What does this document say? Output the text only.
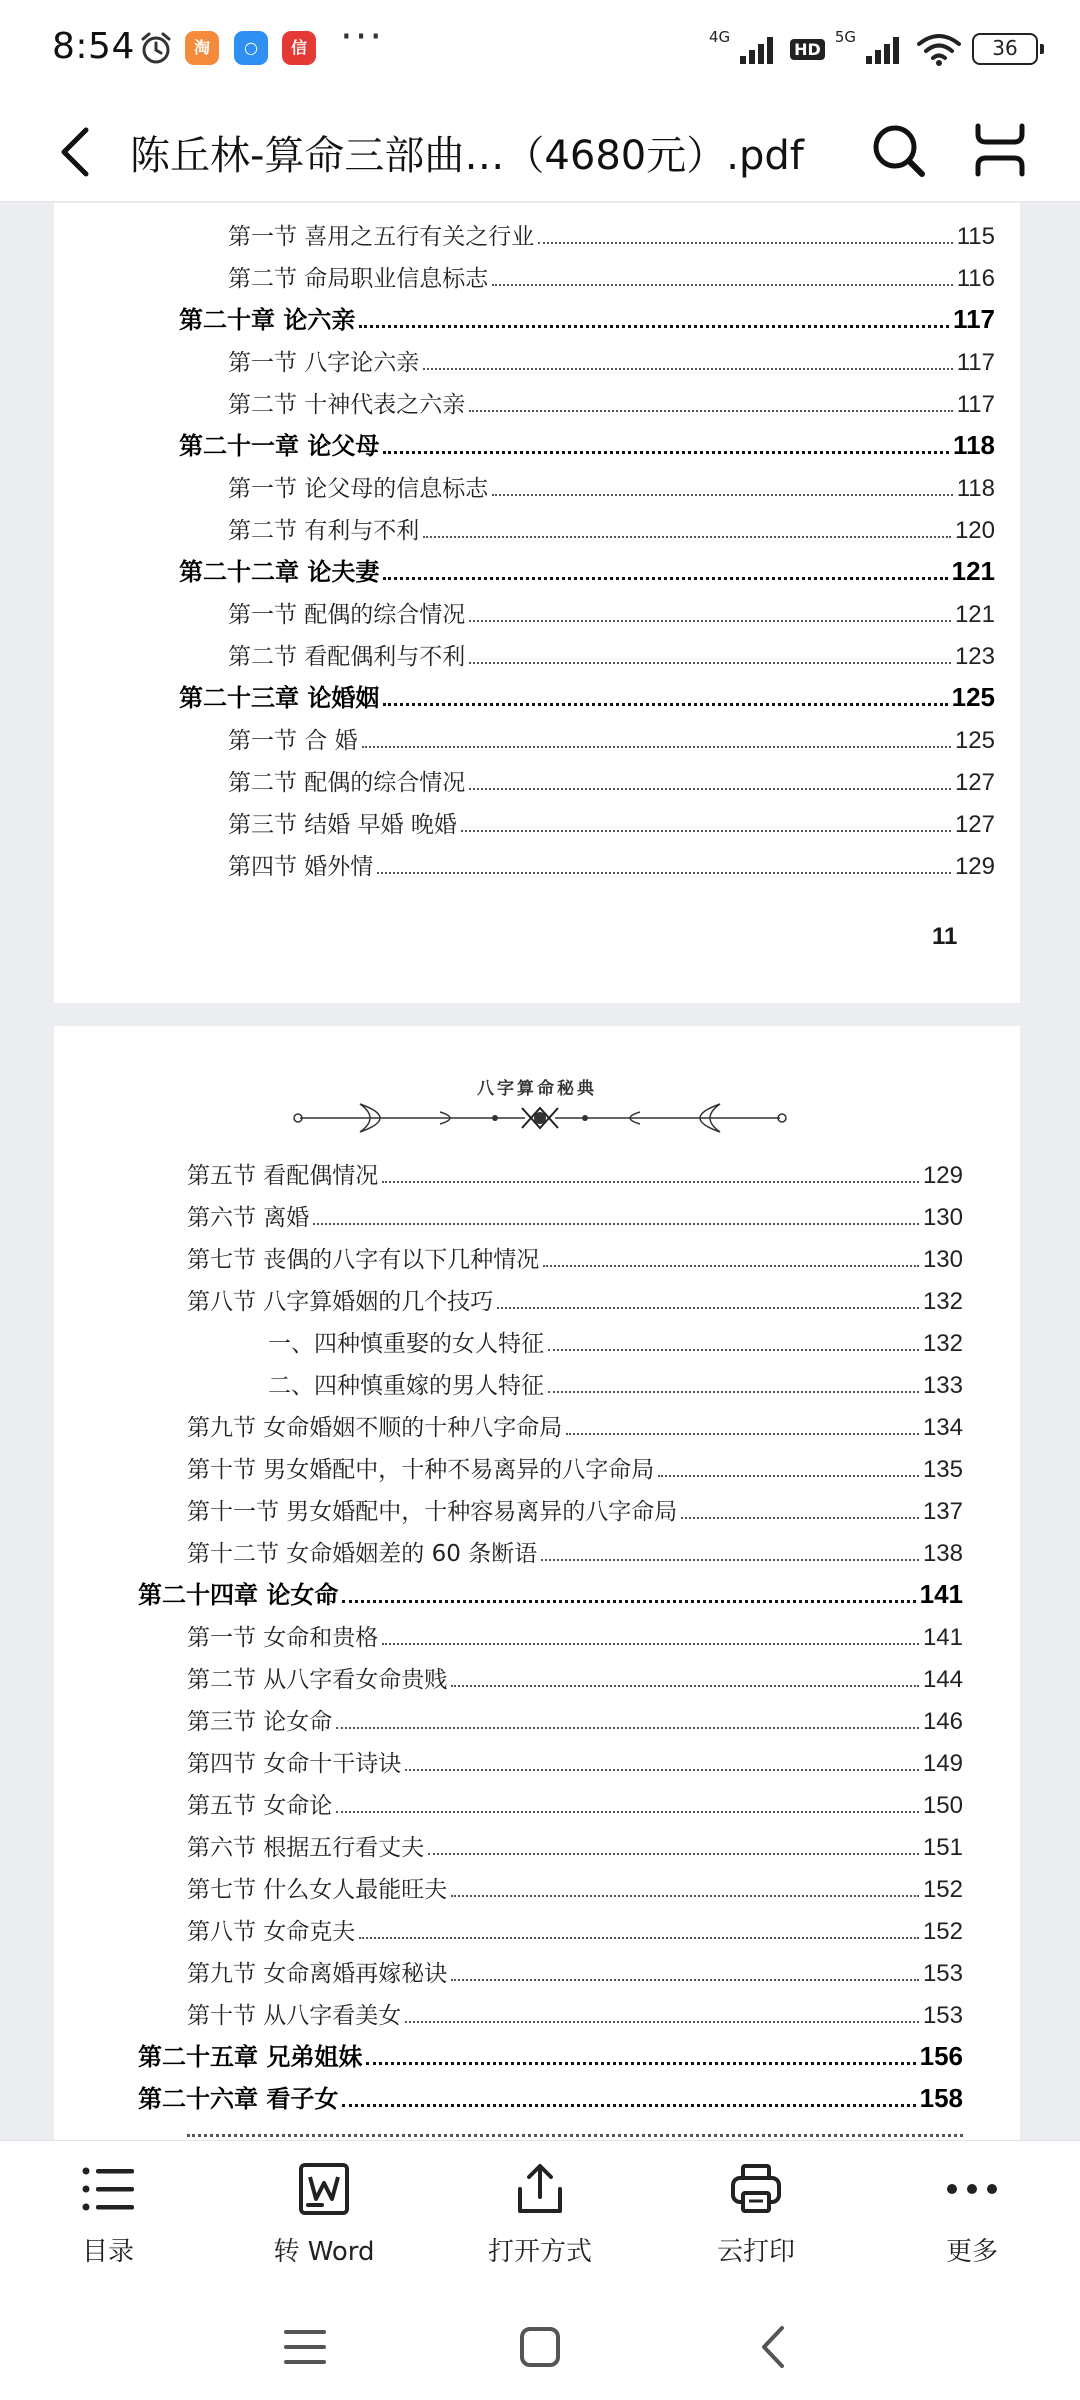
8:54	淘	○	信 ···	4G
HD
5G	36
陈丘林-算命三部曲…（4680元）.pdf
第一节 喜用之五行有关之行业	115
第二节 命局职业信息标志	116
第二十章 论六亲	117
第一节 八字论六亲	117
第二节 十神代表之六亲	117
第二十一章 论父母	118
第一节 论父母的信息标志	118
第二节 有利与不利	120
第二十二章 论夫妻	121
第一节 配偶的综合情况	121
第二节 看配偶利与不利	123
第二十三章 论婚姻	125
第一节 合 婚	125
第二节 配偶的综合情况	127
第三节 结婚 早婚 晚婚	127
第四节 婚外情	129
11
八字算命秘典
第五节 看配偶情况	129
第六节 离婚	130
第七节 丧偶的八字有以下几种情况	130
第八节 八字算婚姻的几个技巧	132
一、四种慎重娶的女人特征	132
二、四种慎重嫁的男人特征	133
第九节 女命婚姻不顺的十种八字命局	134
第十节 男女婚配中，十种不易离异的八字命局	135
第十一节 男女婚配中，十种容易离异的八字命局	137
第十二节 女命婚姻差的 60 条断语	138
第二十四章 论女命	141
第一节 女命和贵格	141
第二节 从八字看女命贵贱	144
第三节 论女命	146
第四节 女命十干诗诀	149
第五节 女命论	150
第六节 根据五行看丈夫	151
第七节 什么女人最能旺夫	152
第八节 女命克夫	152
第九节 女命离婚再嫁秘诀	153
第十节 从八字看美女	153
第二十五章 兄弟姐妹	156
第二十六章 看子女	158
目录	转 Word	打开方式	云打印	更多
